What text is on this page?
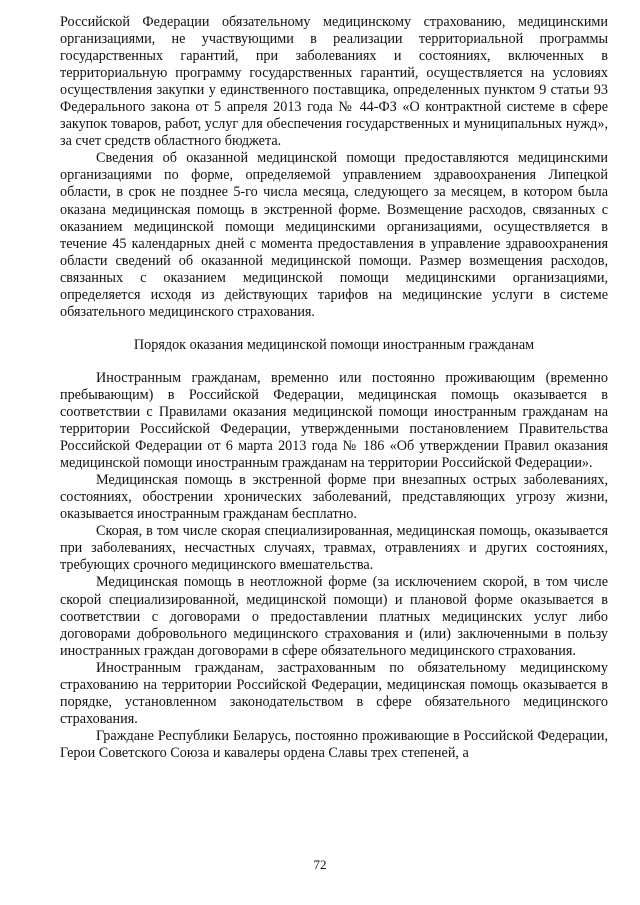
Российской Федерации обязательному медицинскому страхованию, медицинскими организациями, не участвующими в реализации территориальной программы государственных гарантий, при заболеваниях и состояниях, включенных в территориальную программу государственных гарантий, осуществляется на условиях осуществления закупки у единственного поставщика, определенных пунктом 9 статьи 93 Федерального закона от 5 апреля 2013 года № 44-ФЗ «О контрактной системе в сфере закупок товаров, работ, услуг для обеспечения государственных и муниципальных нужд», за счет средств областного бюджета.

Сведения об оказанной медицинской помощи предоставляются медицинскими организациями по форме, определяемой управлением здравоохранения Липецкой области, в срок не позднее 5-го числа месяца, следующего за месяцем, в котором была оказана медицинская помощь в экстренной форме. Возмещение расходов, связанных с оказанием медицинской помощи медицинскими организациями, осуществляется в течение 45 календарных дней с момента предоставления в управление здравоохранения области сведений об оказанной медицинской помощи. Размер возмещения расходов, связанных с оказанием медицинской помощи медицинскими организациями, определяется исходя из действующих тарифов на медицинские услуги в системе обязательного медицинского страхования.

Порядок оказания медицинской помощи иностранным гражданам

Иностранным гражданам, временно или постоянно проживающим (временно пребывающим) в Российской Федерации, медицинская помощь оказывается в соответствии с Правилами оказания медицинской помощи иностранным гражданам на территории Российской Федерации, утвержденными постановлением Правительства Российской Федерации от 6 марта 2013 года № 186 «Об утверждении Правил оказания медицинской помощи иностранным гражданам на территории Российской Федерации».

Медицинская помощь в экстренной форме при внезапных острых заболеваниях, состояниях, обострении хронических заболеваний, представляющих угрозу жизни, оказывается иностранным гражданам бесплатно.

Скорая, в том числе скорая специализированная, медицинская помощь, оказывается при заболеваниях, несчастных случаях, травмах, отравлениях и других состояниях, требующих срочного медицинского вмешательства.

Медицинская помощь в неотложной форме (за исключением скорой, в том числе скорой специализированной, медицинской помощи) и плановой форме оказывается в соответствии с договорами о предоставлении платных медицинских услуг либо договорами добровольного медицинского страхования и (или) заключенными в пользу иностранных граждан договорами в сфере обязательного медицинского страхования.

Иностранным гражданам, застрахованным по обязательному медицинскому страхованию на территории Российской Федерации, медицинская помощь оказывается в порядке, установленном законодательством в сфере обязательного медицинского страхования.

Граждане Республики Беларусь, постоянно проживающие в Российской Федерации, Герои Советского Союза и кавалеры ордена Славы трех степеней, а

72
